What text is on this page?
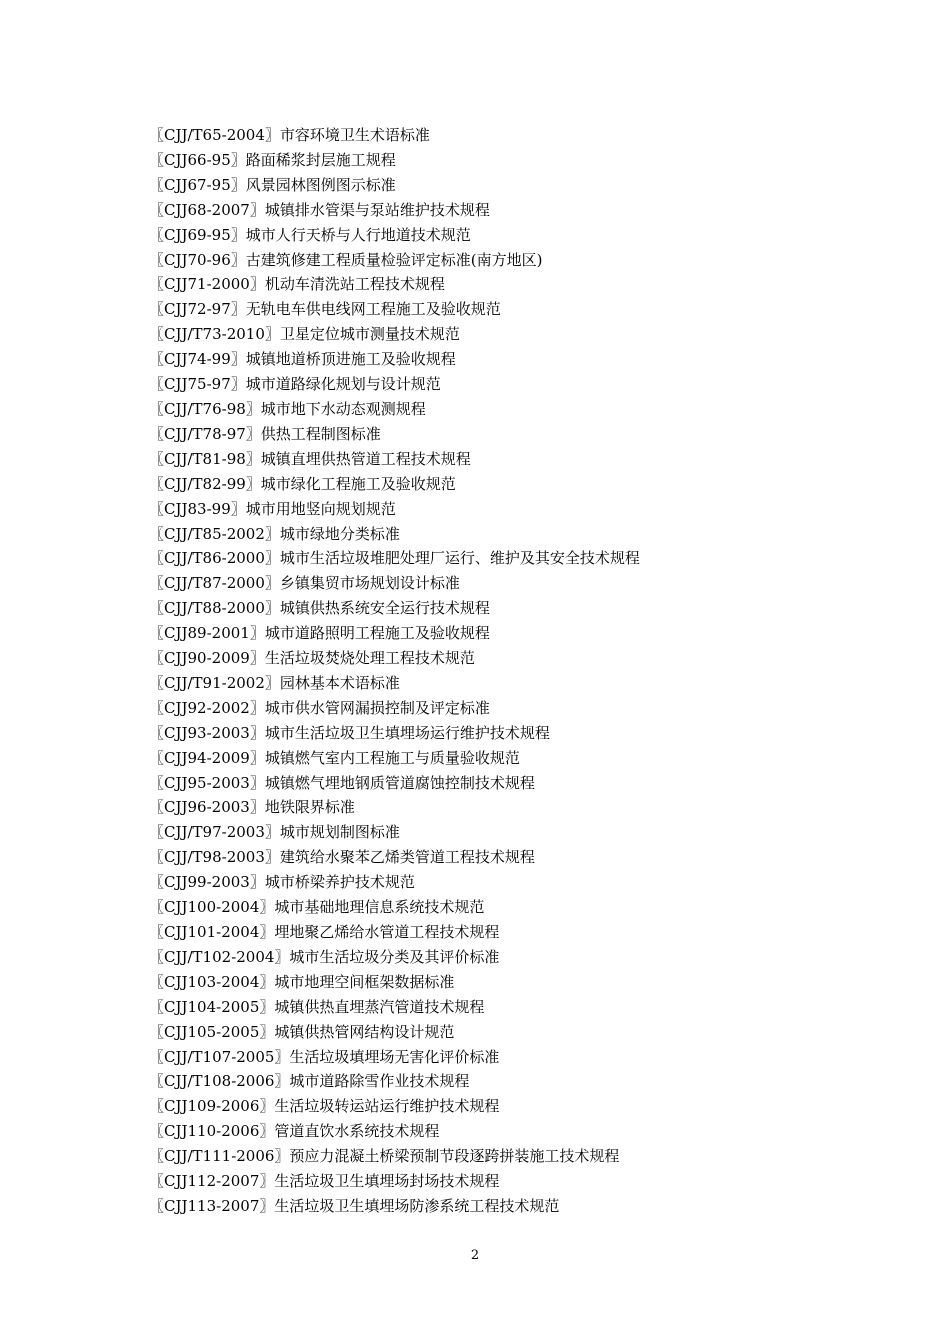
〖CJJ/T65-2004〗市容环境卫生术语标准
〖CJJ66-95〗路面稀浆封层施工规程
〖CJJ67-95〗风景园林图例图示标准
〖CJJ68-2007〗城镇排水管渠与泵站维护技术规程
〖CJJ69-95〗城市人行天桥与人行地道技术规范
〖CJJ70-96〗古建筑修建工程质量检验评定标准(南方地区)
〖CJJ71-2000〗机动车清洗站工程技术规程
〖CJJ72-97〗无轨电车供电线网工程施工及验收规范
〖CJJ/T73-2010〗卫星定位城市测量技术规范
〖CJJ74-99〗城镇地道桥顶进施工及验收规程
〖CJJ75-97〗城市道路绿化规划与设计规范
〖CJJ/T76-98〗城市地下水动态观测规程
〖CJJ/T78-97〗供热工程制图标准
〖CJJ/T81-98〗城镇直埋供热管道工程技术规程
〖CJJ/T82-99〗城市绿化工程施工及验收规范
〖CJJ83-99〗城市用地竖向规划规范
〖CJJ/T85-2002〗城市绿地分类标准
〖CJJ/T86-2000〗城市生活垃圾堆肥处理厂运行、维护及其安全技术规程
〖CJJ/T87-2000〗乡镇集贸市场规划设计标准
〖CJJ/T88-2000〗城镇供热系统安全运行技术规程
〖CJJ89-2001〗城市道路照明工程施工及验收规程
〖CJJ90-2009〗生活垃圾焚烧处理工程技术规范
〖CJJ/T91-2002〗园林基本术语标准
〖CJJ92-2002〗城市供水管网漏损控制及评定标准
〖CJJ93-2003〗城市生活垃圾卫生填埋场运行维护技术规程
〖CJJ94-2009〗城镇燃气室内工程施工与质量验收规范
〖CJJ95-2003〗城镇燃气埋地钢质管道腐蚀控制技术规程
〖CJJ96-2003〗地铁限界标准
〖CJJ/T97-2003〗城市规划制图标准
〖CJJ/T98-2003〗建筑给水聚苯乙烯类管道工程技术规程
〖CJJ99-2003〗城市桥梁养护技术规范
〖CJJ100-2004〗城市基础地理信息系统技术规范
〖CJJ101-2004〗埋地聚乙烯给水管道工程技术规程
〖CJJ/T102-2004〗城市生活垃圾分类及其评价标准
〖CJJ103-2004〗城市地理空间框架数据标准
〖CJJ104-2005〗城镇供热直埋蒸汽管道技术规程
〖CJJ105-2005〗城镇供热管网结构设计规范
〖CJJ/T107-2005〗生活垃圾填埋场无害化评价标准
〖CJJ/T108-2006〗城市道路除雪作业技术规程
〖CJJ109-2006〗生活垃圾转运站运行维护技术规程
〖CJJ110-2006〗管道直饮水系统技术规程
〖CJJ/T111-2006〗预应力混凝土桥梁预制节段逐跨拼装施工技术规程
〖CJJ112-2007〗生活垃圾卫生填埋场封场技术规程
〖CJJ113-2007〗生活垃圾卫生填埋场防渗系统工程技术规范
2
